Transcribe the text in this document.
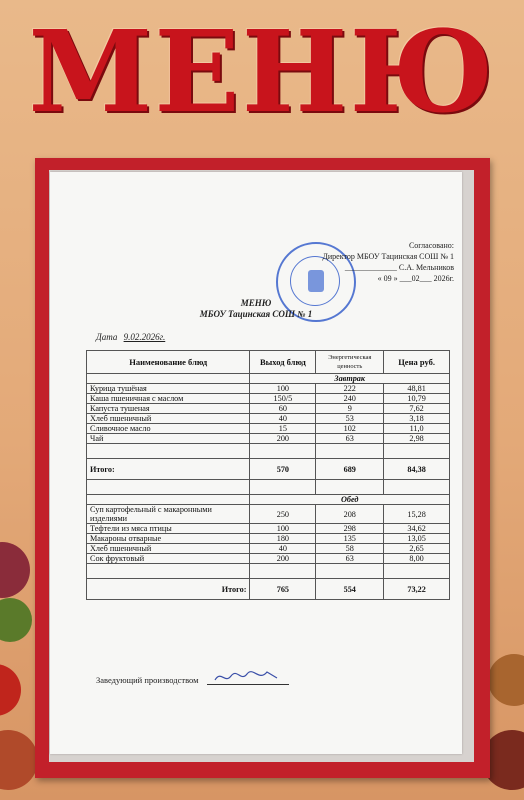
МЕНЮ
Согласовано:
Директор МБОУ Тацинская СОШ № 1
_____________ С.А. Мельников
« 09 » ___02___ 2026г.
МЕНЮ
МБОУ Тацинская СОШ № 1
Дата 9.02.2026г.
Наименование блюд	Выход блюд	Энергетическая ценность	Цена руб.
	Завтрак		
Курица тушёная	100	222	48,81
Каша пшеничная с маслом	150/5	240	10,79
Капуста тушеная	60	9	7,62
Хлеб пшеничный	40	53	3,18
Сливочное масло	15	102	11,0
Чай	200	63	2,98

Итого:	570	689	84,38

	Обед		
Суп картофельный с макаронными изделиями	250	208	15,28
Тефтели из мяса птицы	100	298	34,62
Макароны отварные	180	135	13,05
Хлеб пшеничный	40	58	2,65
Сок фруктовый	200	63	8,00

Итого:	765	554	73,22
Заведующий производством
